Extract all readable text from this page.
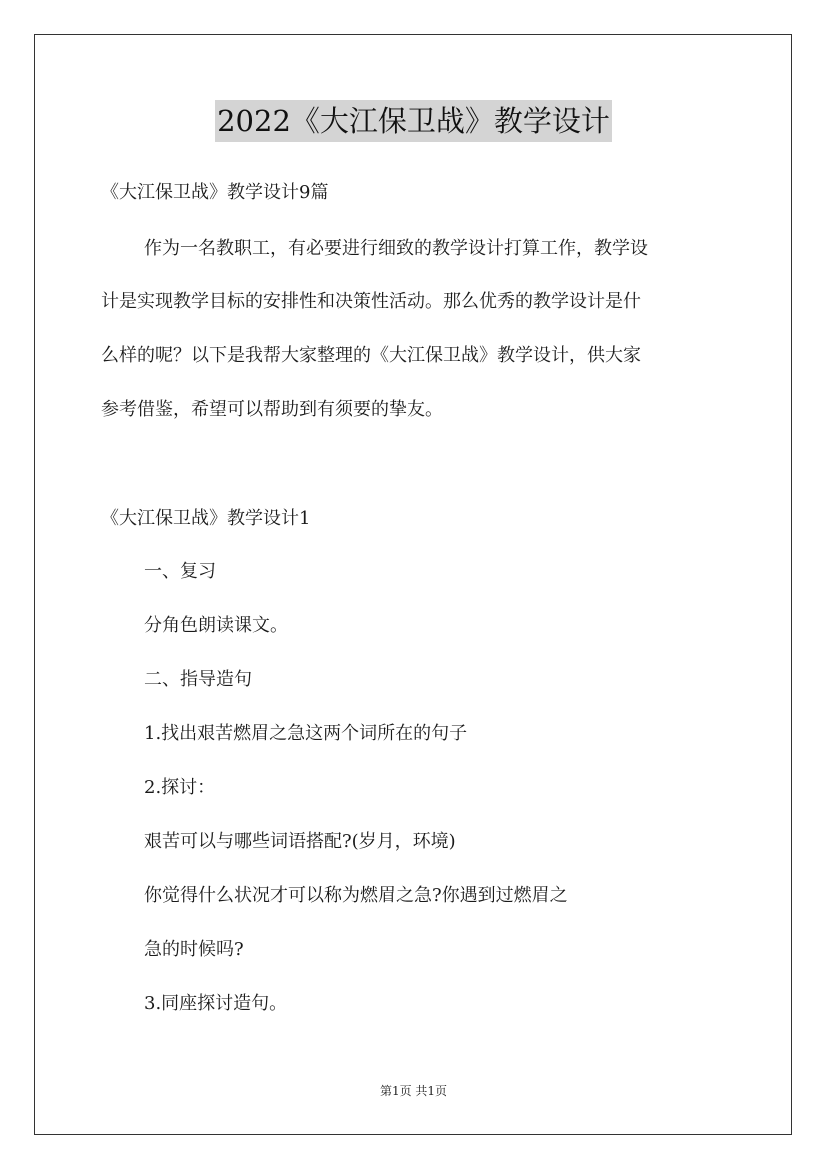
2022《大江保卫战》教学设计
《大江保卫战》教学设计9篇
作为一名教职工，有必要进行细致的教学设计打算工作，教学设
计是实现教学目标的安排性和决策性活动。那么优秀的教学设计是什
么样的呢？以下是我帮大家整理的《大江保卫战》教学设计，供大家
参考借鉴，希望可以帮助到有须要的挚友。
《大江保卫战》教学设计1
一、复习
分角色朗读课文。
二、指导造句
1.找出艰苦燃眉之急这两个词所在的句子
2.探讨：
艰苦可以与哪些词语搭配?(岁月，环境)
你觉得什么状况才可以称为燃眉之急?你遇到过燃眉之
急的时候吗?
3.同座探讨造句。
第1页 共1页
